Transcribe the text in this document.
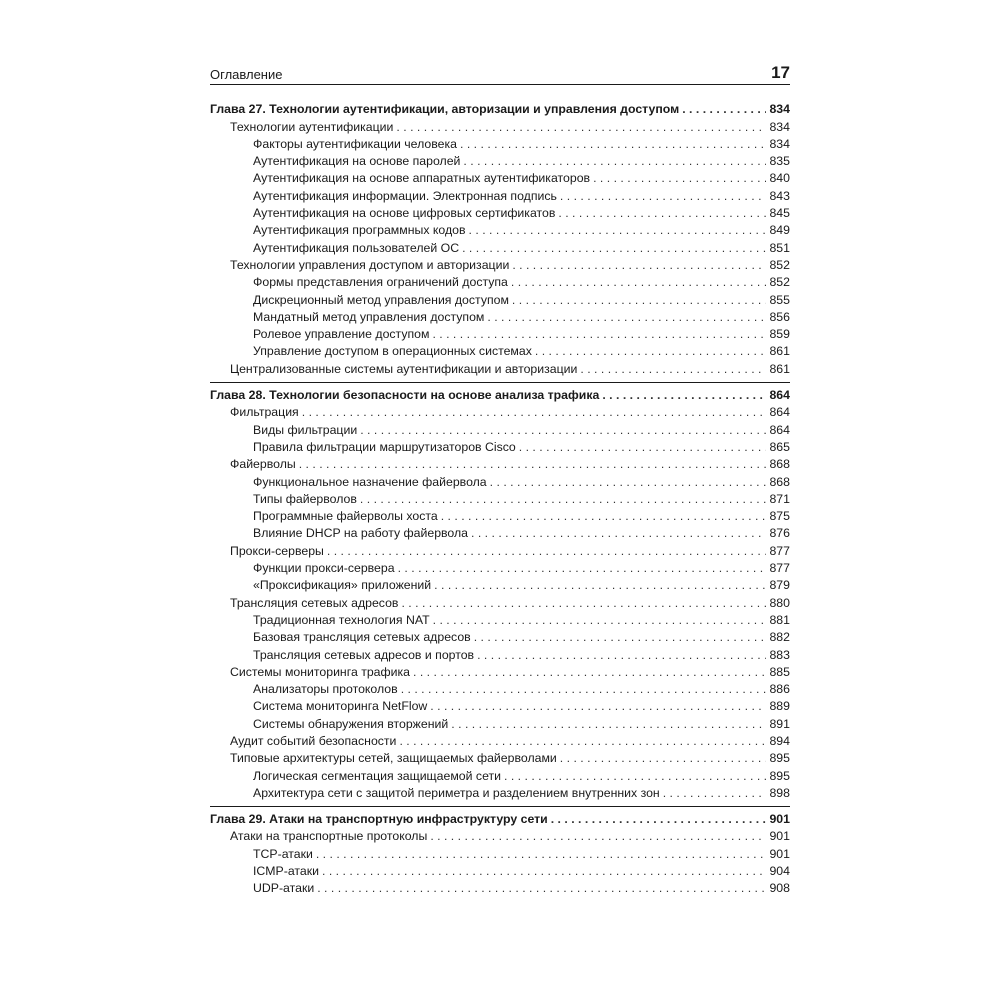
Оглавление	17
Глава 27. Технологии аутентификации, авторизации и управления доступом . . .	834
Технологии аутентификации . . .	834
Факторы аутентификации человека . . .	834
Аутентификация на основе паролей . . .	835
Аутентификация на основе аппаратных аутентификаторов . . .	840
Аутентификация информации. Электронная подпись . . .	843
Аутентификация на основе цифровых сертификатов . . .	845
Аутентификация программных кодов . . .	849
Аутентификация пользователей ОС . . .	851
Технологии управления доступом и авторизации . . .	852
Формы представления ограничений доступа . . .	852
Дискреционный метод управления доступом . . .	855
Мандатный метод управления доступом . . .	856
Ролевое управление доступом . . .	859
Управление доступом в операционных системах . . .	861
Централизованные системы аутентификации и авторизации . . .	861
Глава 28. Технологии безопасности на основе анализа трафика . . .	864
Фильтрация . . .	864
Виды фильтрации . . .	864
Правила фильтрации маршрутизаторов Cisco . . .	865
Файерволы . . .	868
Функциональное назначение файервола . . .	868
Типы файерволов . . .	871
Программные файерволы хоста . . .	875
Влияние DHCP на работу файервола . . .	876
Прокси-серверы . . .	877
Функции прокси-сервера . . .	877
«Проксификация» приложений . . .	879
Трансляция сетевых адресов . . .	880
Традиционная технология NAT . . .	881
Базовая трансляция сетевых адресов . . .	882
Трансляция сетевых адресов и портов . . .	883
Системы мониторинга трафика . . .	885
Анализаторы протоколов . . .	886
Система мониторинга NetFlow . . .	889
Системы обнаружения вторжений . . .	891
Аудит событий безопасности . . .	894
Типовые архитектуры сетей, защищаемых файерволами . . .	895
Логическая сегментация защищаемой сети . . .	895
Архитектура сети с защитой периметра и разделением внутренних зон . . .	898
Глава 29. Атаки на транспортную инфраструктуру сети . . .	901
Атаки на транспортные протоколы . . .	901
TCP-атаки . . .	901
ICMP-атаки . . .	904
UDP-атаки . . .	908
